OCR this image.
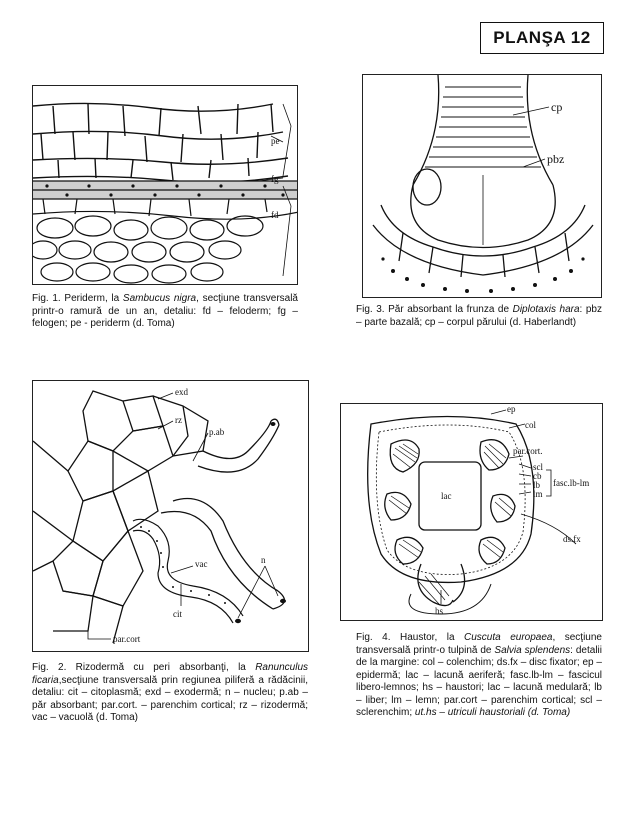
PLANŞA 12
pe
fg
fd
Fig. 1. Periderm, la Sambucus nigra, secţiune transversală printr-o ramură de un an, detaliu: fd – feloderm; fg – felogen; pe - periderm (d. Toma)
cp
pbz
Fig. 3. Păr absorbant la frunza de Diplotaxis hara: pbz – parte bazală; cp – corpul părului (d. Haberlandt)
exd
rz
p.ab
vac
cit
n
par.cort
Fig. 2. Rizodermă cu peri absorbanţi, la Ranunculus ficaria,secţiune transversală prin regiunea piliferă a rădăcinii, detaliu: cit – citoplasmă; exd – exodermă; n – nucleu; p.ab – păr absorbant; par.cort. – parenchim cortical; rz – rizodermă; vac – vacuolă (d. Toma)
ep
col
par.cort.
scl
cb
lb
lm
fasc.lb-lm
lac
ds.fx
hs
Fig. 4. Haustor, la Cuscuta europaea, secţiune transversală printr-o tulpină de Salvia splendens: detalii de la margine: col – colenchim; ds.fx – disc fixator; ep – epidermă; lac – lacună aeriferă; fasc.lb-lm – fascicul libero-lemnos; hs – haustori; lac – lacună medulară; lb – liber; lm – lemn; par.cort – parenchim cortical; scl – sclerenchim; ut.hs – utriculi haustoriali (d. Toma)
